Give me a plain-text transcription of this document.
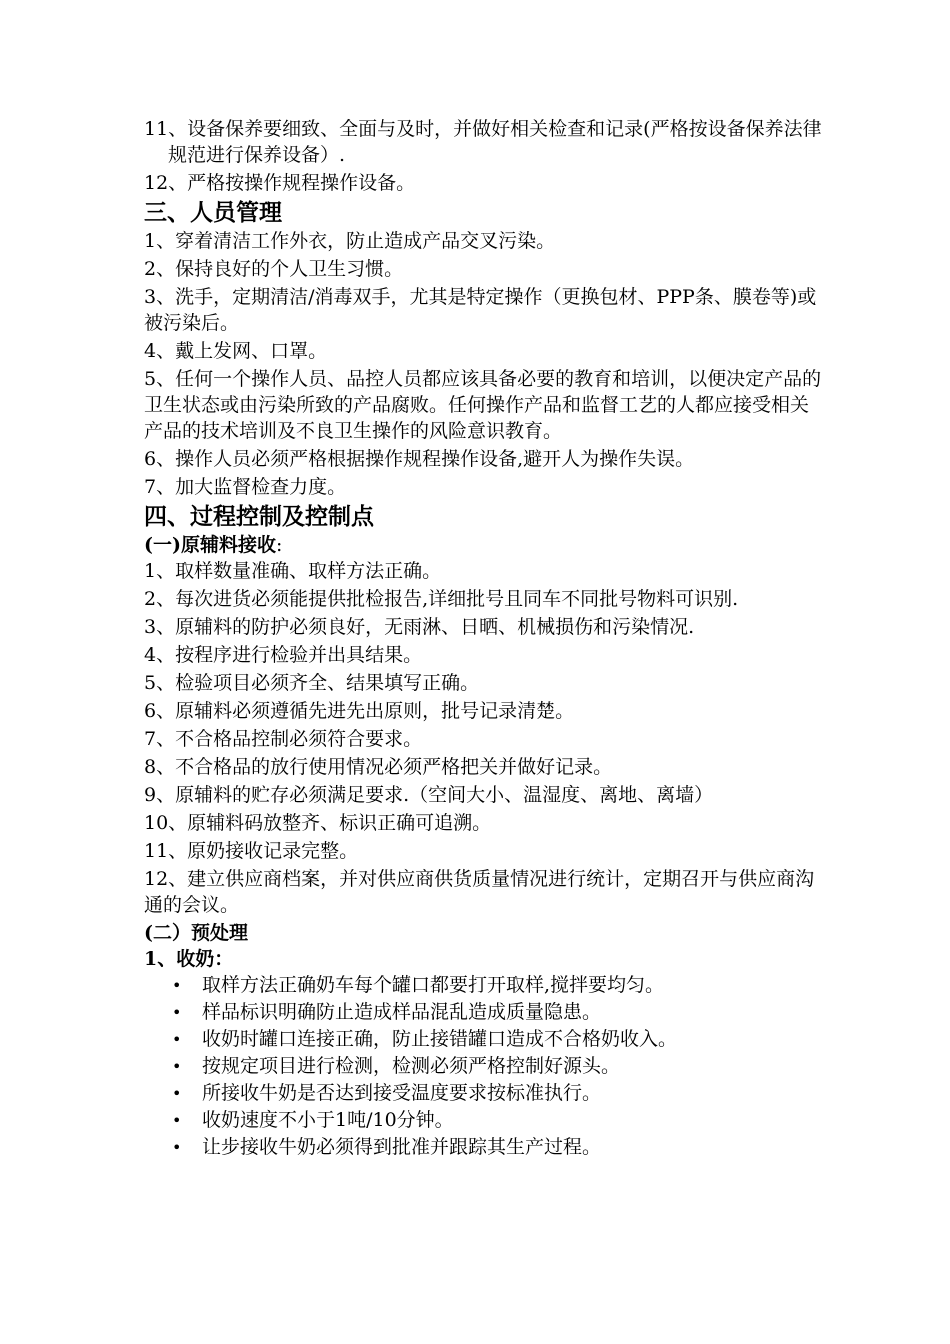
11、设备保养要细致、全面与及时，并做好相关检查和记录(严格按设备保养法律规范进行保养设备）.

12、严格按操作规程操作设备。

三、人员管理

1、穿着清洁工作外衣，防止造成产品交叉污染。

2、保持良好的个人卫生习惯。

3、洗手，定期清洁/消毒双手，尤其是特定操作（更换包材、PPP条、膜卷等)或被污染后。

4、戴上发网、口罩。

5、任何一个操作人员、品控人员都应该具备必要的教育和培训，以便决定产品的卫生状态或由污染所致的产品腐败。任何操作产品和监督工艺的人都应接受相关产品的技术培训及不良卫生操作的风险意识教育。

6、操作人员必须严格根据操作规程操作设备,避开人为操作失误。

7、加大监督检查力度。

四、过程控制及控制点

(一)原辅料接收:

1、取样数量准确、取样方法正确。

2、每次进货必须能提供批检报告,详细批号且同车不同批号物料可识别.

3、原辅料的防护必须良好，无雨淋、日晒、机械损伤和污染情况.

4、按程序进行检验并出具结果。

5、检验项目必须齐全、结果填写正确。

6、原辅料必须遵循先进先出原则，批号记录清楚。

7、不合格品控制必须符合要求。

8、不合格品的放行使用情况必须严格把关并做好记录。

9、原辅料的贮存必须满足要求.（空间大小、温湿度、离地、离墙）

10、原辅料码放整齐、标识正确可追溯。

11、原奶接收记录完整。

12、建立供应商档案，并对供应商供货质量情况进行统计，定期召开与供应商沟通的会议。

(二）预处理

1、收奶：

• 取样方法正确奶车每个罐口都要打开取样,搅拌要均匀。
• 样品标识明确防止造成样品混乱造成质量隐患。
• 收奶时罐口连接正确，防止接错罐口造成不合格奶收入。
• 按规定项目进行检测，检测必须严格控制好源头。
• 所接收牛奶是否达到接受温度要求按标准执行。
• 收奶速度不小于1吨/10分钟。
• 让步接收牛奶必须得到批准并跟踪其生产过程。
